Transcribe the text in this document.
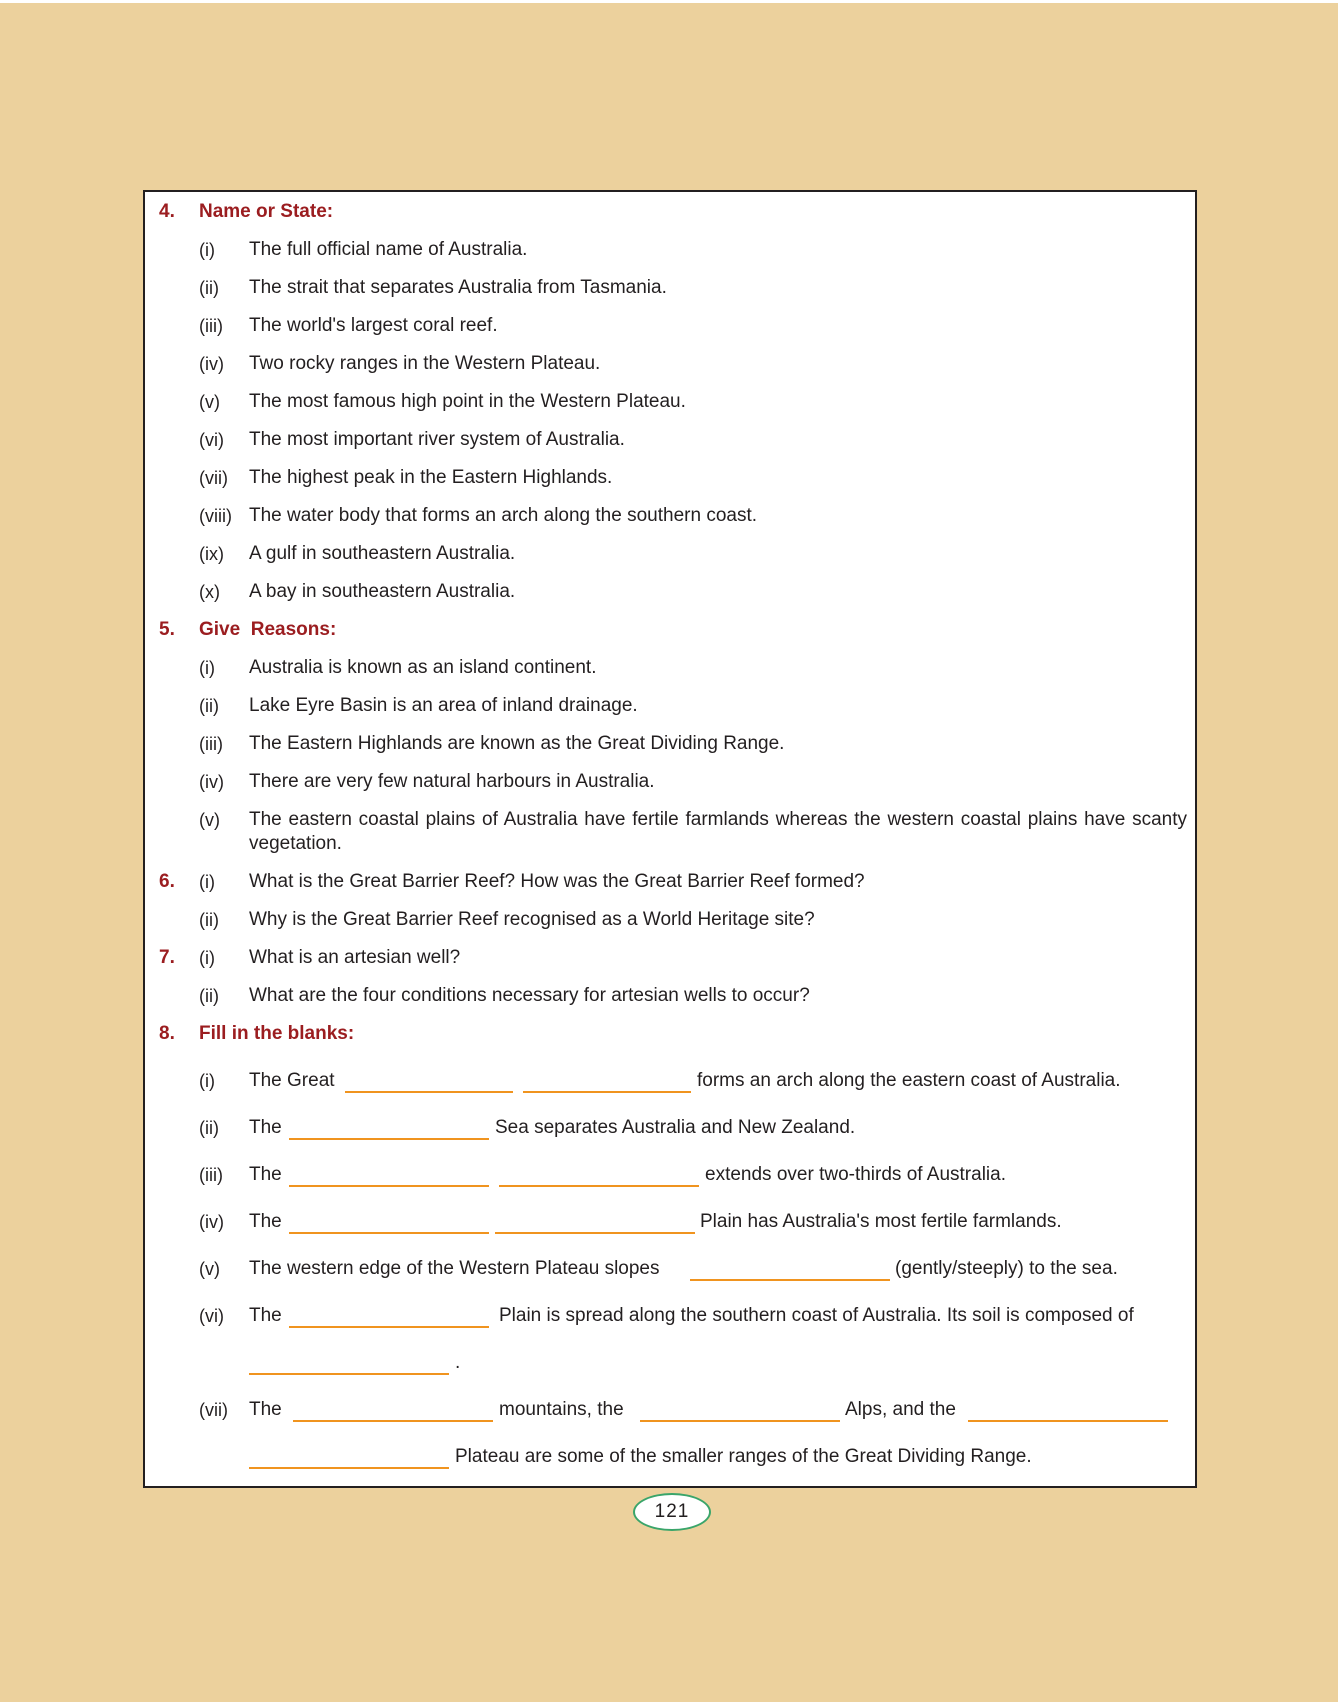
4. Name or State:
(i) The full official name of Australia.
(ii) The strait that separates Australia from Tasmania.
(iii) The world's largest coral reef.
(iv) Two rocky ranges in the Western Plateau.
(v) The most famous high point in the Western Plateau.
(vi) The most important river system of Australia.
(vii) The highest peak in the Eastern Highlands.
(viii) The water body that forms an arch along the southern coast.
(ix) A gulf in southeastern Australia.
(x) A bay in southeastern Australia.
5. Give  Reasons:
(i) Australia is known as an island continent.
(ii) Lake Eyre Basin is an area of inland drainage.
(iii) The Eastern Highlands are known as the Great Dividing Range.
(iv) There are very few natural harbours in Australia.
(v) The eastern coastal plains of Australia have fertile farmlands whereas the western coastal plains have scanty vegetation.
6. (i) What is the Great Barrier Reef? How was the Great Barrier Reef formed?
(ii) Why is the Great Barrier Reef recognised as a World Heritage site?
7. (i) What is an artesian well?
(ii) What are the four conditions necessary for artesian wells to occur?
8. Fill in the blanks:
(i) The Great	forms an arch along the eastern coast of Australia.
(ii) The	Sea separates Australia and New Zealand.
(iii) The	extends over two-thirds of Australia.
(iv) The	Plain has Australia's most fertile farmlands.
(v) The western edge of the Western Plateau slopes	(gently/steeply) to the sea.
(vi) The	Plain is spread along the southern coast of Australia. Its soil is composed of
.
(vii) The	mountains, the	Alps, and the
Plateau are some of the smaller ranges of the Great Dividing Range.
121
